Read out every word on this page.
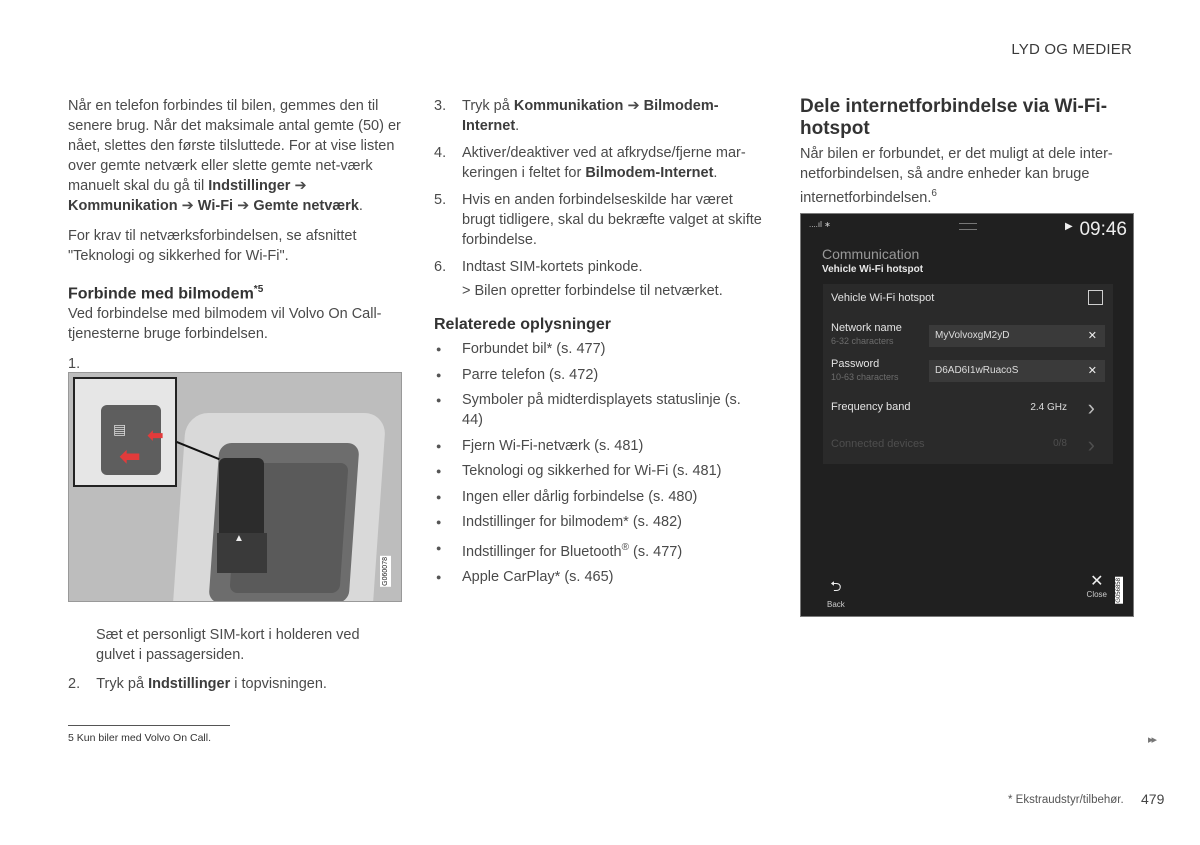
LYD OG MEDIER

Når en telefon forbindes til bilen, gemmes den til senere brug. Når det maksimale antal gemte (50) er nået, slettes den første tilsluttede. For at vise listen over gemte netværk eller slette gemte net-værk manuelt skal du gå til Indstillinger ➔ Kommunikation ➔ Wi-Fi ➔ Gemte netværk.

For krav til netværksforbindelsen, se afsnittet "Teknologi og sikkerhed for Wi-Fi".

Forbinde med bilmodem$^{*5}$

Ved forbindelse med bilmodem vil Volvo On Call-tjenesterne bruge forbindelsen.

1.

▲
▤
⬅
⬅
G060078

Sæt et personligt SIM-kort i holderen ved gulvet i passagersiden.

2. Tryk på Indstillinger i topvisningen.

3. Tryk på Kommunikation ➔ Bilmodem-Internet.
4. Aktiver/deaktiver ved at afkrydse/fjerne mar-keringen i feltet for Bilmodem-Internet.
5. Hvis en anden forbindelseskilde har været brugt tidligere, skal du bekræfte valget at skifte forbindelse.
6. Indtast SIM-kortets pinkode.
> Bilen opretter forbindelse til netværket.
Relaterede oplysninger
● Forbundet bil* (s. 477)
● Parre telefon (s. 472)
● Symboler på midterdisplayets statuslinje (s. 44)
● Fjern Wi-Fi-netværk (s. 481)
● Teknologi og sikkerhed for Wi-Fi (s. 481)
● Ingen eller dårlig forbindelse (s. 480)
● Indstillinger for bilmodem* (s. 482)
● Indstillinger for Bluetooth® (s. 477)
● Apple CarPlay* (s. 465)
Dele internetforbindelse via Wi-Fi-hotspot

Når bilen er forbundet, er det muligt at dele inter-netforbindelsen, så andre enheder kan bruge internetforbindelsen.$^6$

....ıl ∗	▶ 09:46
Communication
Vehicle Wi-Fi hotspot
Vehicle Wi-Fi hotspot
Network name
6-32 characters	MyVolvoxgM2yD	✕
Password
10-63 characters
D6AD6I1wRuacoS	✕
Frequency band	2.4 GHz ›
Connected devices	0/8 ›
⮌
Back
✕
Close G056858
5 Kun biler med Volvo On Call.	▸▸
* Ekstraudstyr/tilbehør. 479
